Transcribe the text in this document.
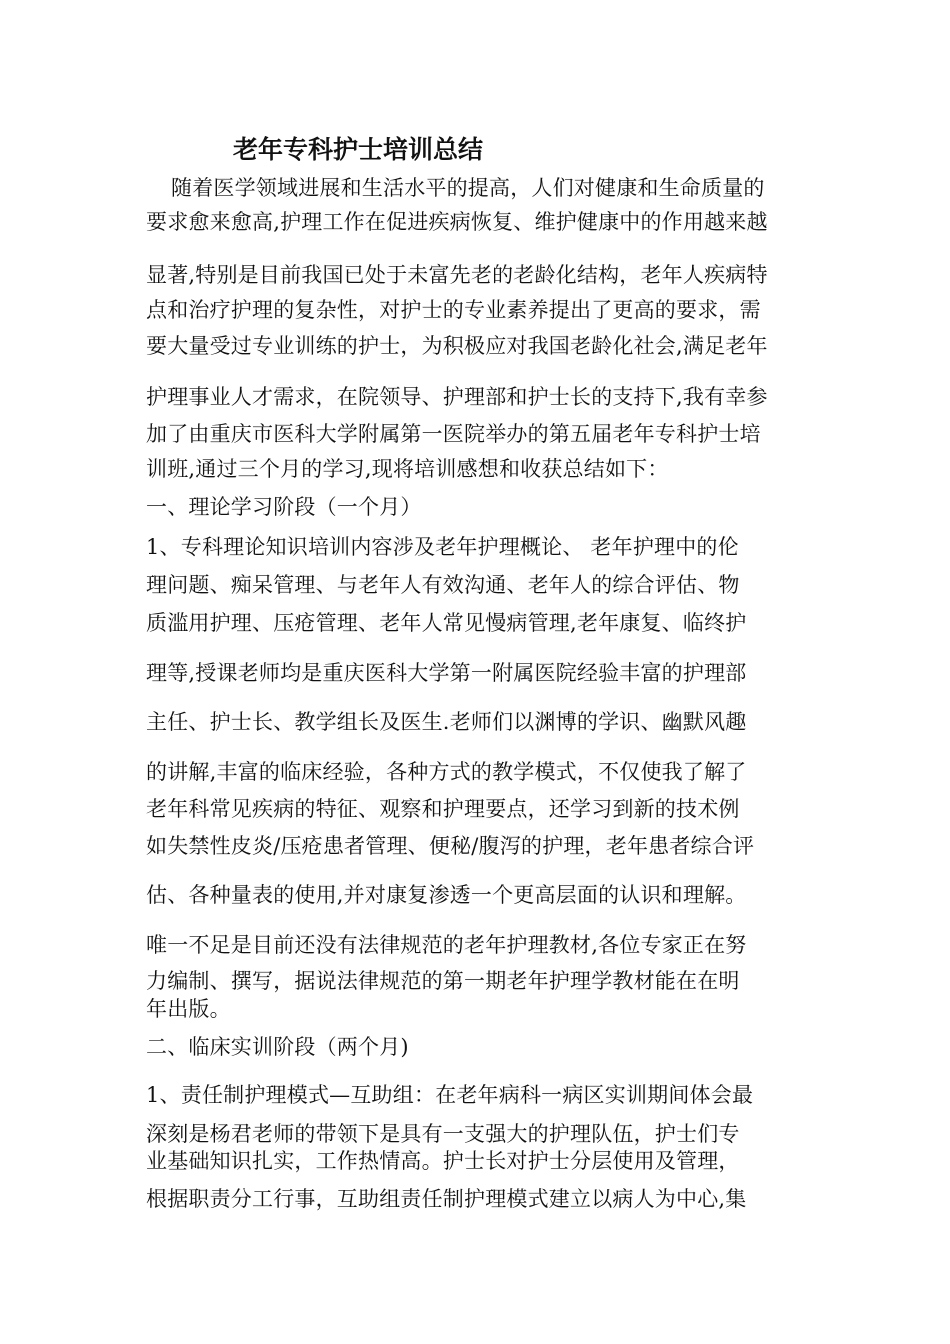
老年专科护士培训总结
随着医学领域进展和生活水平的提高，人们对健康和生命质量的
要求愈来愈高,护理工作在促进疾病恢复、维护健康中的作用越来越
显著,特别是目前我国已处于未富先老的老龄化结构，老年人疾病特
点和治疗护理的复杂性，对护士的专业素养提出了更高的要求，需
要大量受过专业训练的护士，为积极应对我国老龄化社会,满足老年
护理事业人才需求，在院领导、护理部和护士长的支持下,我有幸参
加了由重庆市医科大学附属第一医院举办的第五届老年专科护士培
训班,通过三个月的学习,现将培训感想和收获总结如下：
一、理论学习阶段（一个月）
1、专科理论知识培训内容涉及老年护理概论、 老年护理中的伦
理问题、痴呆管理、与老年人有效沟通、老年人的综合评估、物
质滥用护理、压疮管理、老年人常见慢病管理,老年康复、临终护
理等,授课老师均是重庆医科大学第一附属医院经验丰富的护理部
主任、护士长、教学组长及医生.老师们以渊博的学识、幽默风趣
的讲解,丰富的临床经验，各种方式的教学模式，不仅使我了解了
老年科常见疾病的特征、观察和护理要点，还学习到新的技术例
如失禁性皮炎/压疮患者管理、便秘/腹泻的护理，老年患者综合评
估、各种量表的使用,并对康复渗透一个更高层面的认识和理解。
唯一不足是目前还没有法律规范的老年护理教材,各位专家正在努
力编制、撰写，据说法律规范的第一期老年护理学教材能在在明
年出版。
二、临床实训阶段（两个月)
1、责任制护理模式—互助组：在老年病科一病区实训期间体会最
深刻是杨君老师的带领下是具有一支强大的护理队伍，护士们专
业基础知识扎实，工作热情高。护士长对护士分层使用及管理，
根据职责分工行事，互助组责任制护理模式建立以病人为中心,集
